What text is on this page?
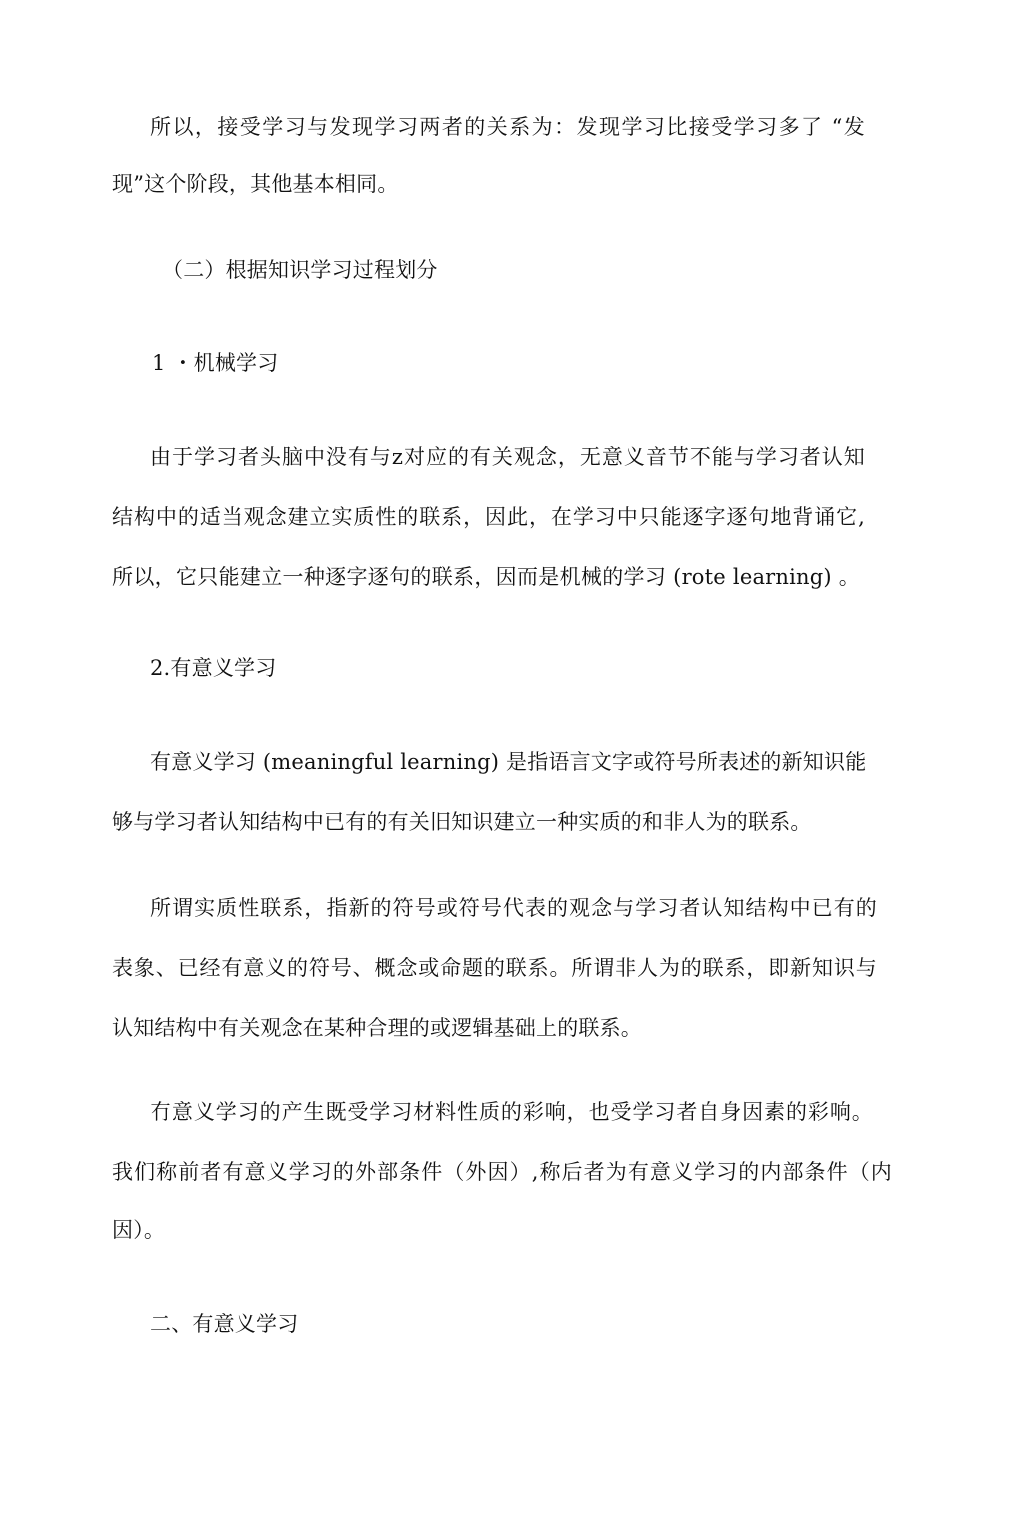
所以，接受学习与发现学习两者的关系为：发现学习比接受学习多了 “发
现”这个阶段，其他基本相同。
（二）根据知识学习过程划分
1 ・机械学习
由于学习者头脑中没有与z对应的有关观念，无意义音节不能与学习者认知
结构中的适当观念建立实质性的联系，因此，在学习中只能逐字逐句地背诵它,
所以，它只能建立一种逐字逐句的联系，因而是机械的学习 (rote learning) 。
2.有意义学习
有意义学习 (meaningful learning) 是指语言文字或符号所表述的新知识能
够与学习者认知结构中已有的有关旧知识建立一种实质的和非人为的联系。
所谓实质性联系，指新的符号或符号代表的观念与学习者认知结构中已有的
表象、已经有意义的符号、概念或命题的联系。所谓非人为的联系，即新知识与
认知结构中有关观念在某种合理的或逻辑基础上的联系。
冇意义学习的产生既受学习材料性质的彩响，也受学习者自身因素的彩响。
我们称前者有意义学习的外部条件（外因）,称后者为有意义学习的内部条件（内
因）。
二、有意义学习
